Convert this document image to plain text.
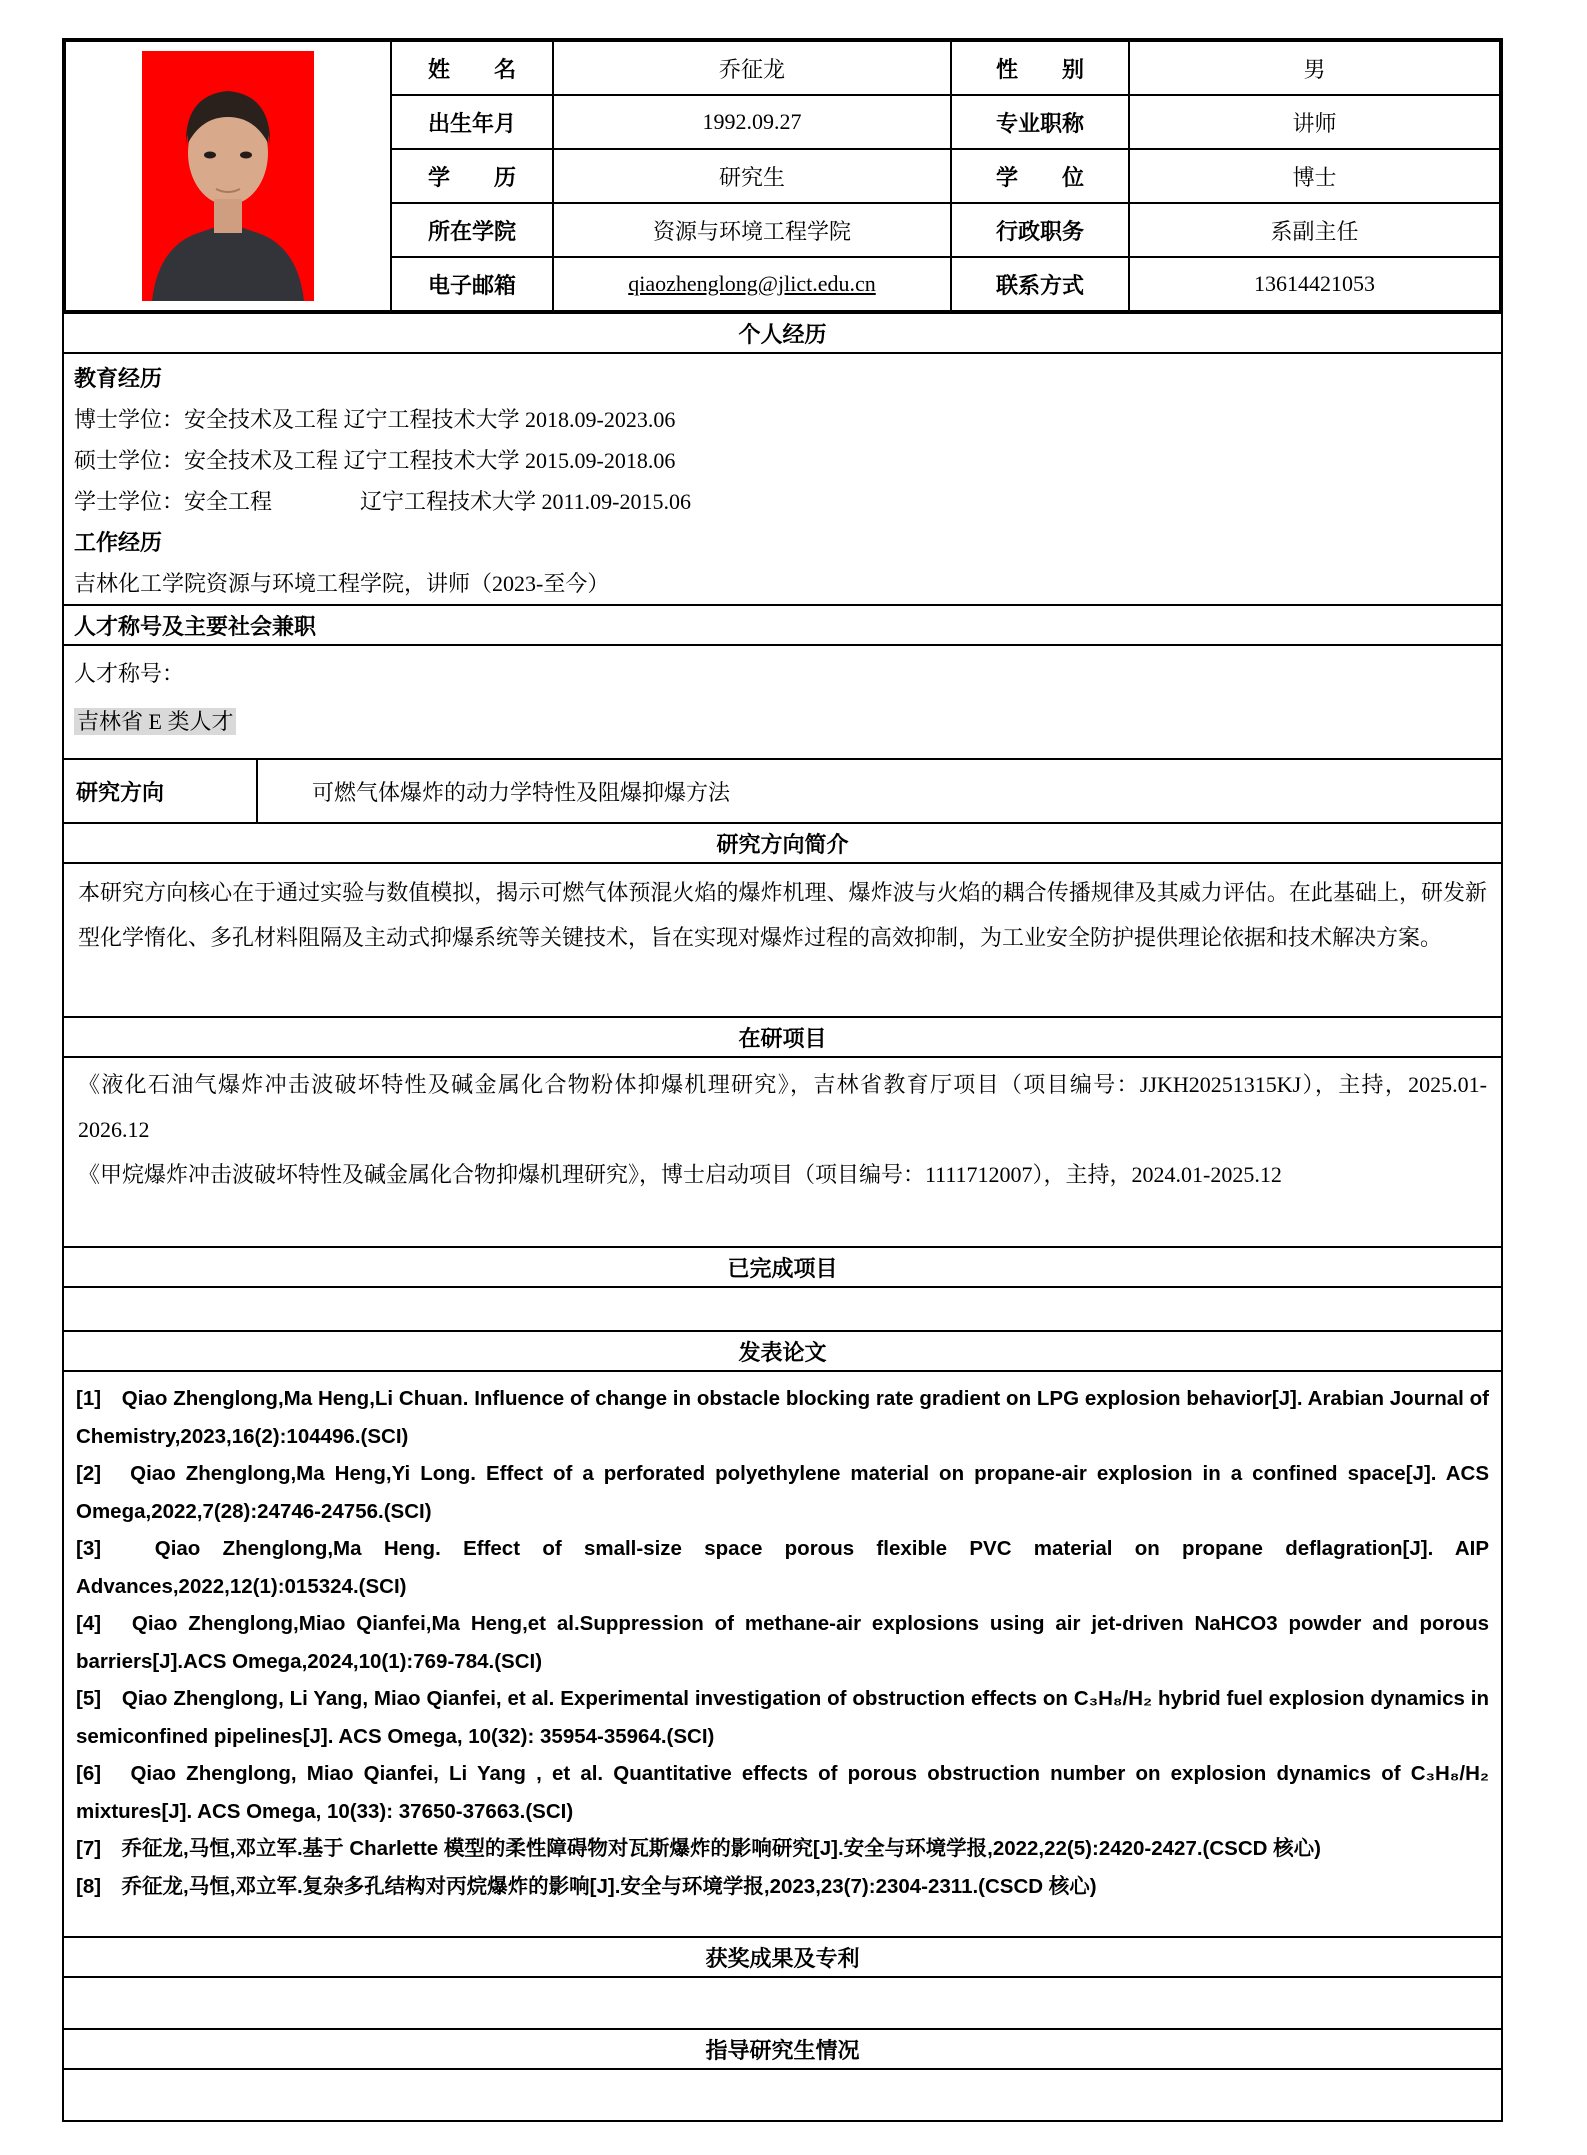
	姓　　名	乔征龙	性　　别	男
	出生年月	1992.09.27	专业职称	讲师
	学　　历	研究生	学　　位	博士
	所在学院	资源与环境工程学院	行政职务	系副主任
	电子邮箱	qiaozhenglong@jlict.edu.cn	联系方式	13614421053
个人经历

教育经历

博士学位：安全技术及工程 辽宁工程技术大学 2018.09-2023.06

硕士学位：安全技术及工程 辽宁工程技术大学 2015.09-2018.06

学士学位：安全工程　　　　辽宁工程技术大学 2011.09-2015.06

工作经历

吉林化工学院资源与环境工程学院，讲师（2023-至今）

人才称号及主要社会兼职

人才称号：

吉林省 E 类人才

研究方向	可燃气体爆炸的动力学特性及阻爆抑爆方法
研究方向简介
本研究方向核心在于通过实验与数值模拟，揭示可燃气体预混火焰的爆炸机理、爆炸波与火焰的耦合传播规律及其威力评估。在此基础上，研发新型化学惰化、多孔材料阻隔及主动式抑爆系统等关键技术，旨在实现对爆炸过程的高效抑制，为工业安全防护提供理论依据和技术解决方案。
在研项目

《液化石油气爆炸冲击波破坏特性及碱金属化合物粉体抑爆机理研究》，吉林省教育厅项目（项目编号：JJKH20251315KJ），主持，2025.01-2026.12

《甲烷爆炸冲击波破坏特性及碱金属化合物抑爆机理研究》，博士启动项目（项目编号：1111712007），主持，2024.01-2025.12

已完成项目
发表论文

[1]　Qiao Zhenglong,Ma Heng,Li Chuan. Influence of change in obstacle blocking rate gradient on LPG explosion behavior[J]. Arabian Journal of Chemistry,2023,16(2):104496.(SCI)

[2]　Qiao Zhenglong,Ma Heng,Yi Long. Effect of a perforated polyethylene material on propane-air explosion in a confined space[J]. ACS Omega,2022,7(28):24746-24756.(SCI)

[3]　Qiao Zhenglong,Ma Heng. Effect of small-size space porous flexible PVC material on propane deflagration[J]. AIP Advances,2022,12(1):015324.(SCI)

[4]　Qiao Zhenglong,Miao Qianfei,Ma Heng,et al.Suppression of methane-air explosions using air jet-driven NaHCO3 powder and porous barriers[J].ACS Omega,2024,10(1):769-784.(SCI)

[5]　Qiao Zhenglong, Li Yang, Miao Qianfei, et al. Experimental investigation of obstruction effects on C₃H₈/H₂ hybrid fuel explosion dynamics in semiconfined pipelines[J]. ACS Omega, 10(32): 35954-35964.(SCI)

[6]　Qiao Zhenglong, Miao Qianfei, Li Yang , et al. Quantitative effects of porous obstruction number on explosion dynamics of C₃H₈/H₂ mixtures[J]. ACS Omega, 10(33): 37650-37663.(SCI)

[7]　乔征龙,马恒,邓立军.基于 Charlette 模型的柔性障碍物对瓦斯爆炸的影响研究[J].安全与环境学报,2022,22(5):2420-2427.(CSCD 核心)

[8]　乔征龙,马恒,邓立军.复杂多孔结构对丙烷爆炸的影响[J].安全与环境学报,2023,23(7):2304-2311.(CSCD 核心)

获奖成果及专利
指导研究生情况
